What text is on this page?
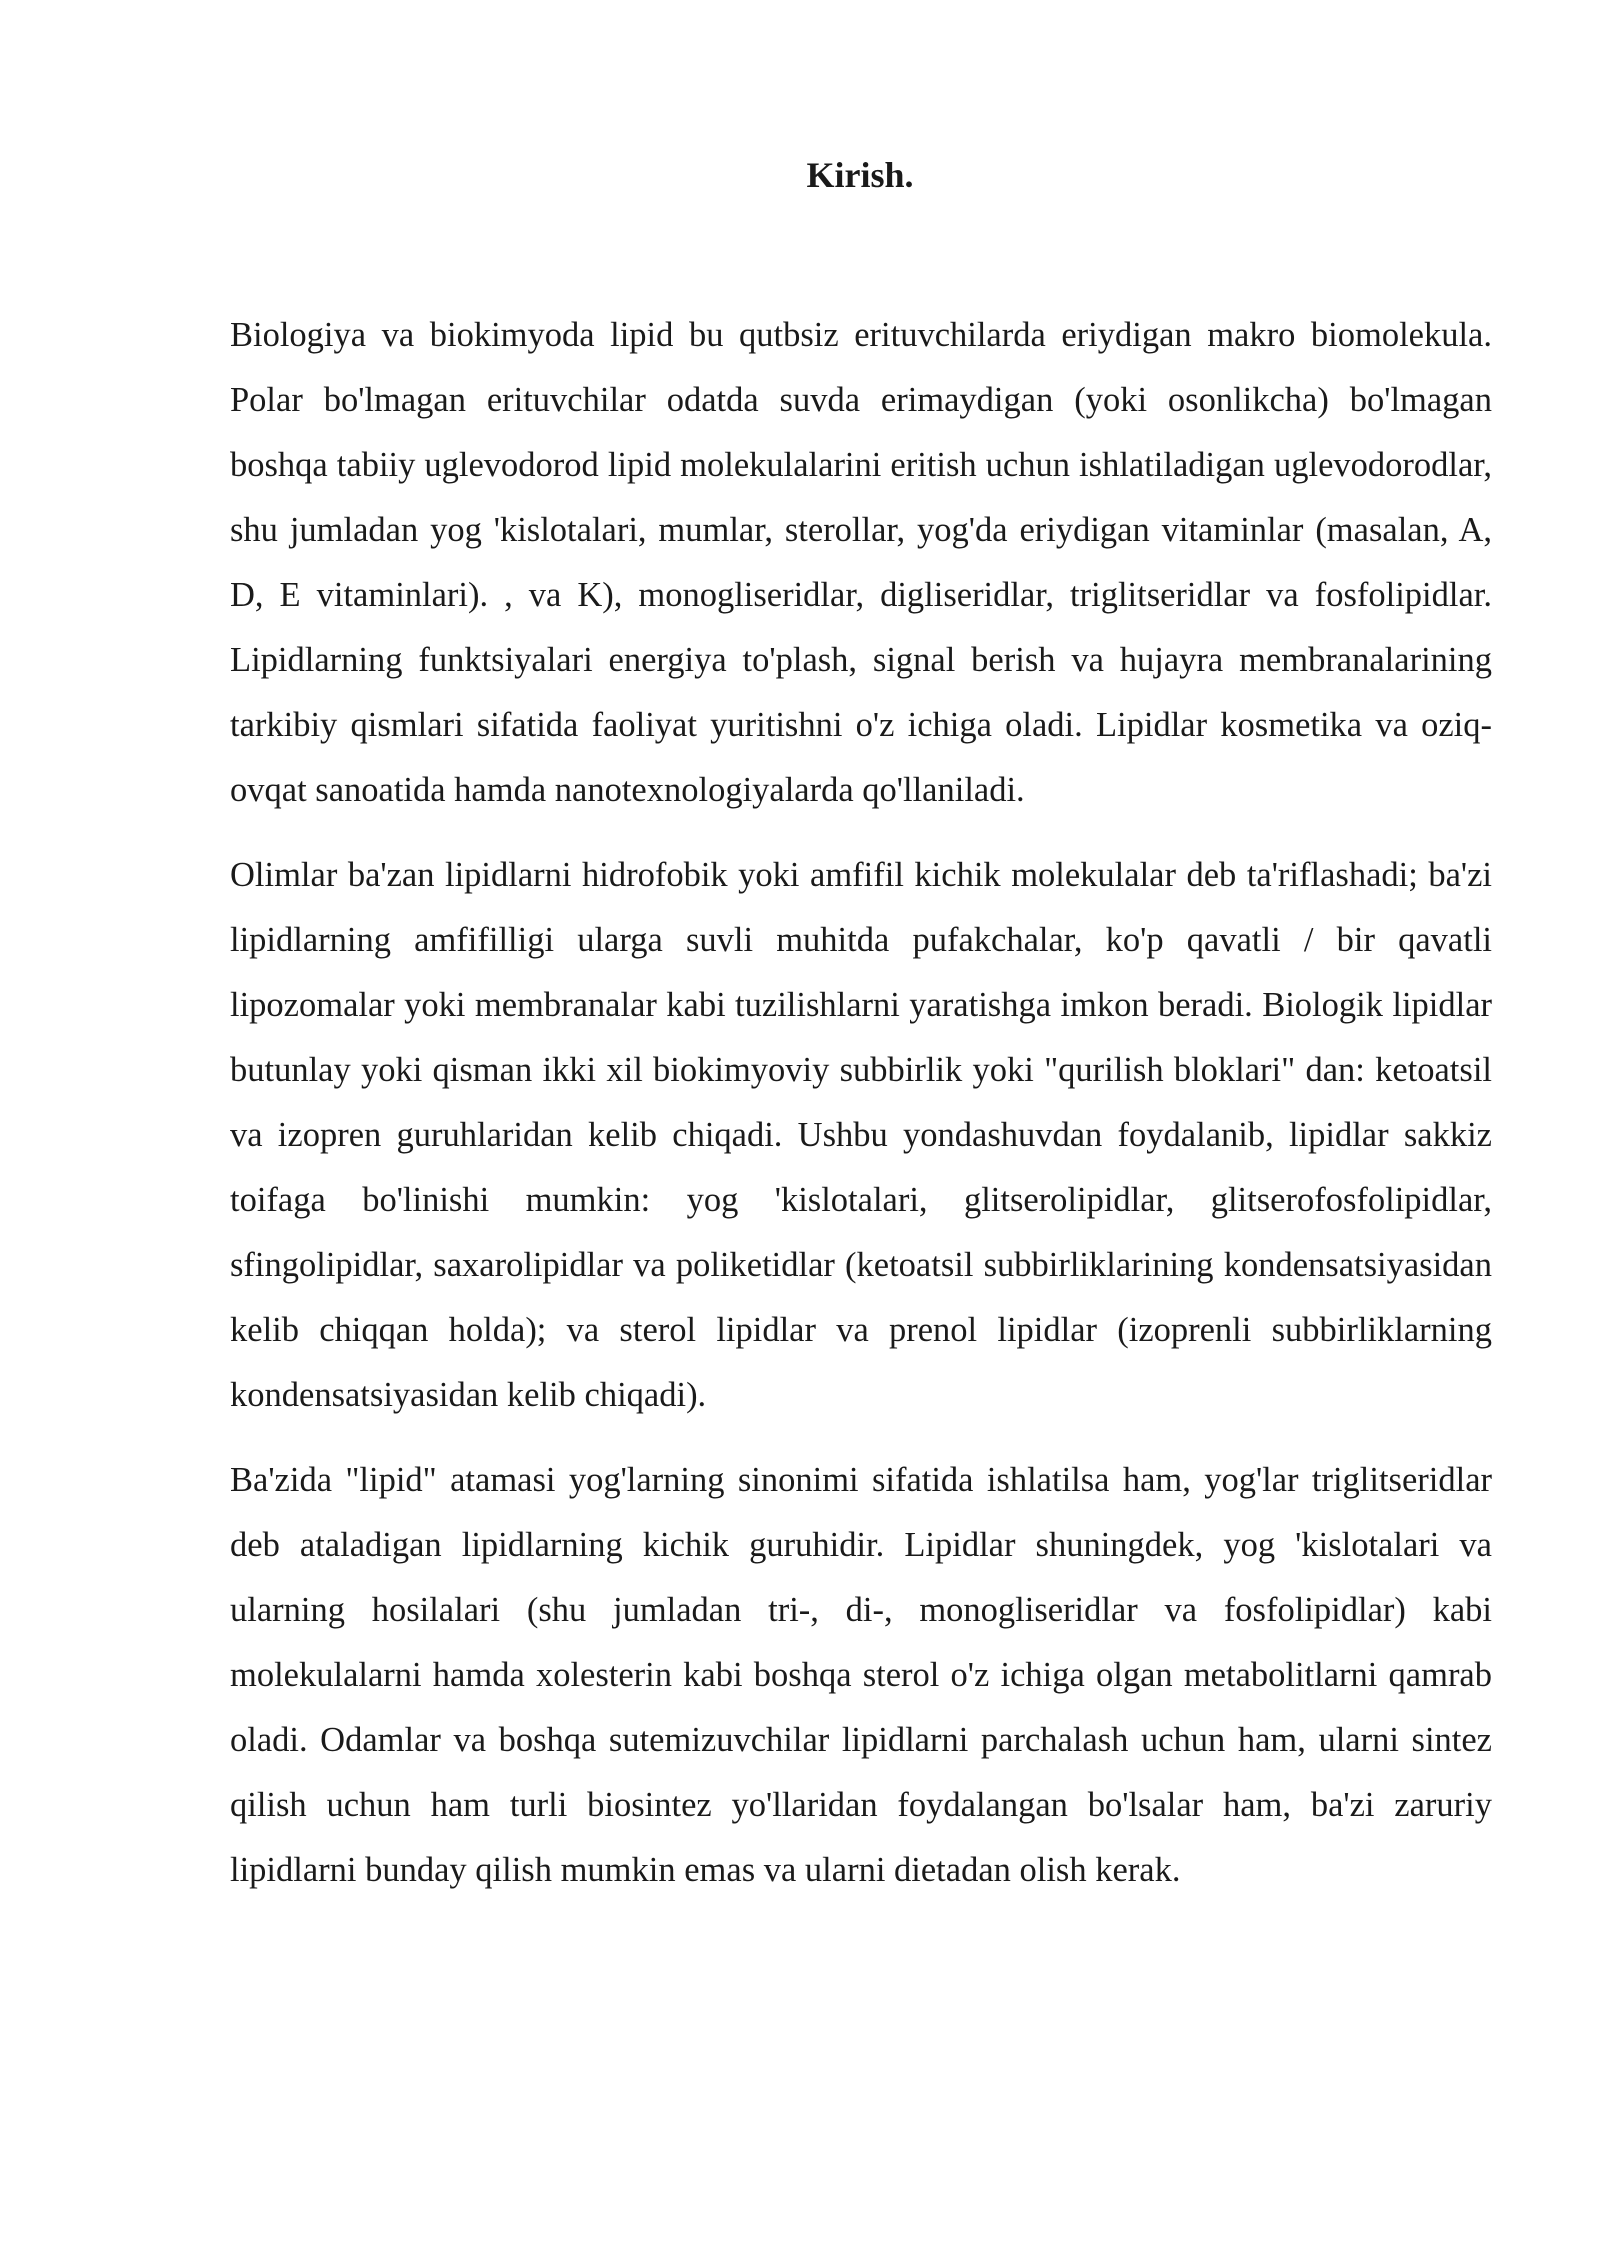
Kirish.

Biologiya va biokimyoda lipid bu qutbsiz erituvchilarda eriydigan makro biomolekula. Polar bo'lmagan erituvchilar odatda suvda erimaydigan (yoki osonlikcha) bo'lmagan boshqa tabiiy uglevodorod lipid molekulalarini eritish uchun ishlatiladigan uglevodorodlar, shu jumladan yog 'kislotalari, mumlar, sterollar, yog'da eriydigan vitaminlar (masalan, A, D, E vitaminlari). , va K), monogliseridlar, digliseridlar, triglitseridlar va fosfolipidlar. Lipidlarning funktsiyalari energiya to'plash, signal berish va hujayra membranalarining tarkibiy qismlari sifatida faoliyat yuritishni o'z ichiga oladi. Lipidlar kosmetika va oziq-ovqat sanoatida hamda nanotexnologiyalarda qo'llaniladi.

Olimlar ba'zan lipidlarni hidrofobik yoki amfifil kichik molekulalar deb ta'riflashadi; ba'zi lipidlarning amfifilligi ularga suvli muhitda pufakchalar, ko'p qavatli / bir qavatli lipozomalar yoki membranalar kabi tuzilishlarni yaratishga imkon beradi. Biologik lipidlar butunlay yoki qisman ikki xil biokimyoviy subbirlik yoki "qurilish bloklari" dan: ketoatsil va izopren guruhlaridan kelib chiqadi. Ushbu yondashuvdan foydalanib, lipidlar sakkiz toifaga bo'linishi mumkin: yog 'kislotalari, glitserolipidlar, glitserofosfolipidlar, sfingolipidlar, saxarolipidlar va poliketidlar (ketoatsil subbirliklarining kondensatsiyasidan kelib chiqqan holda); va sterol lipidlar va prenol lipidlar (izoprenli subbirliklarning kondensatsiyasidan kelib chiqadi).

Ba'zida "lipid" atamasi yog'larning sinonimi sifatida ishlatilsa ham, yog'lar triglitseridlar deb ataladigan lipidlarning kichik guruhidir. Lipidlar shuningdek, yog 'kislotalari va ularning hosilalari (shu jumladan tri-, di-, monogliseridlar va fosfolipidlar) kabi molekulalarni hamda xolesterin kabi boshqa sterol o'z ichiga olgan metabolitlarni qamrab oladi. Odamlar va boshqa sutemizuvchilar lipidlarni parchalash uchun ham, ularni sintez qilish uchun ham turli biosintez yo'llaridan foydalangan bo'lsalar ham, ba'zi zaruriy lipidlarni bunday qilish mumkin emas va ularni dietadan olish kerak.
